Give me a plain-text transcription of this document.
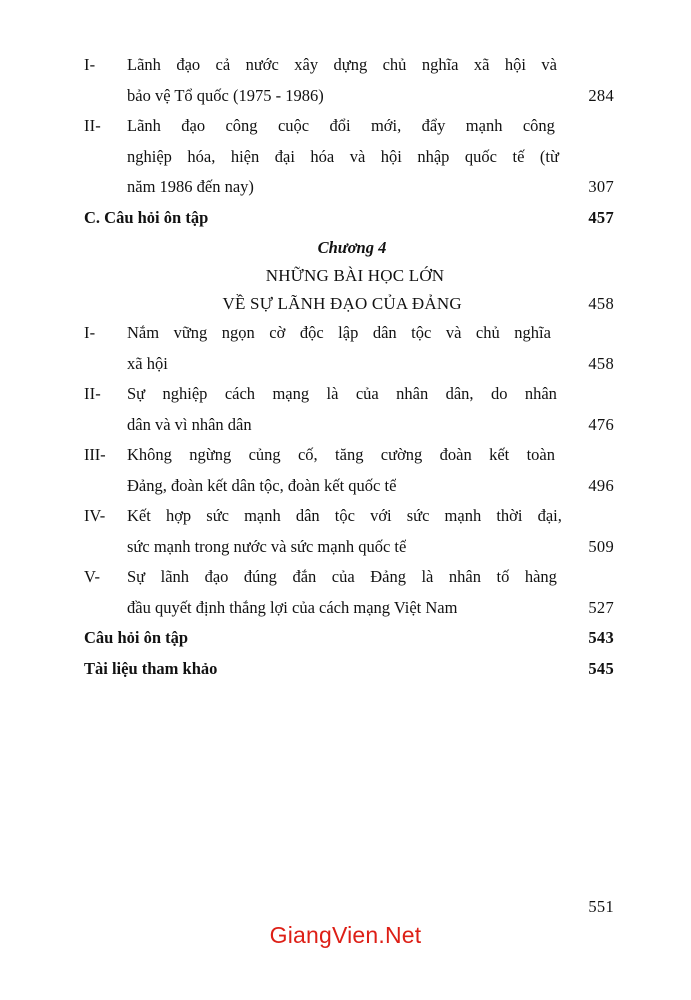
I-	Lãnh đạo cả nước xây dựng chủ nghĩa xã hội và
bảo vệ Tổ quốc (1975 - 1986)	284
II-	Lãnh đạo công cuộc đổi mới, đẩy mạnh công
nghiệp hóa, hiện đại hóa và hội nhập quốc tế (từ
năm 1986 đến nay)	307
C. Câu hỏi ôn tập	457
Chương 4
NHỮNG BÀI HỌC LỚN
VỀ SỰ LÃNH ĐẠO CỦA ĐẢNG	458
I-	Nắm vững ngọn cờ độc lập dân tộc và chủ nghĩa
xã hội	458
II-	Sự nghiệp cách mạng là của nhân dân, do nhân
dân và vì nhân dân	476
III-	Không ngừng củng cố, tăng cường đoàn kết toàn
Đảng, đoàn kết dân tộc, đoàn kết quốc tế	496
IV-	Kết hợp sức mạnh dân tộc với sức mạnh thời đại,
sức mạnh trong nước và sức mạnh quốc tế	509
V-	Sự lãnh đạo đúng đắn của Đảng là nhân tố hàng
đầu quyết định thắng lợi của cách mạng Việt Nam	527
Câu hỏi ôn tập	543
Tài liệu tham khảo	545
551
GiangVien.Net
